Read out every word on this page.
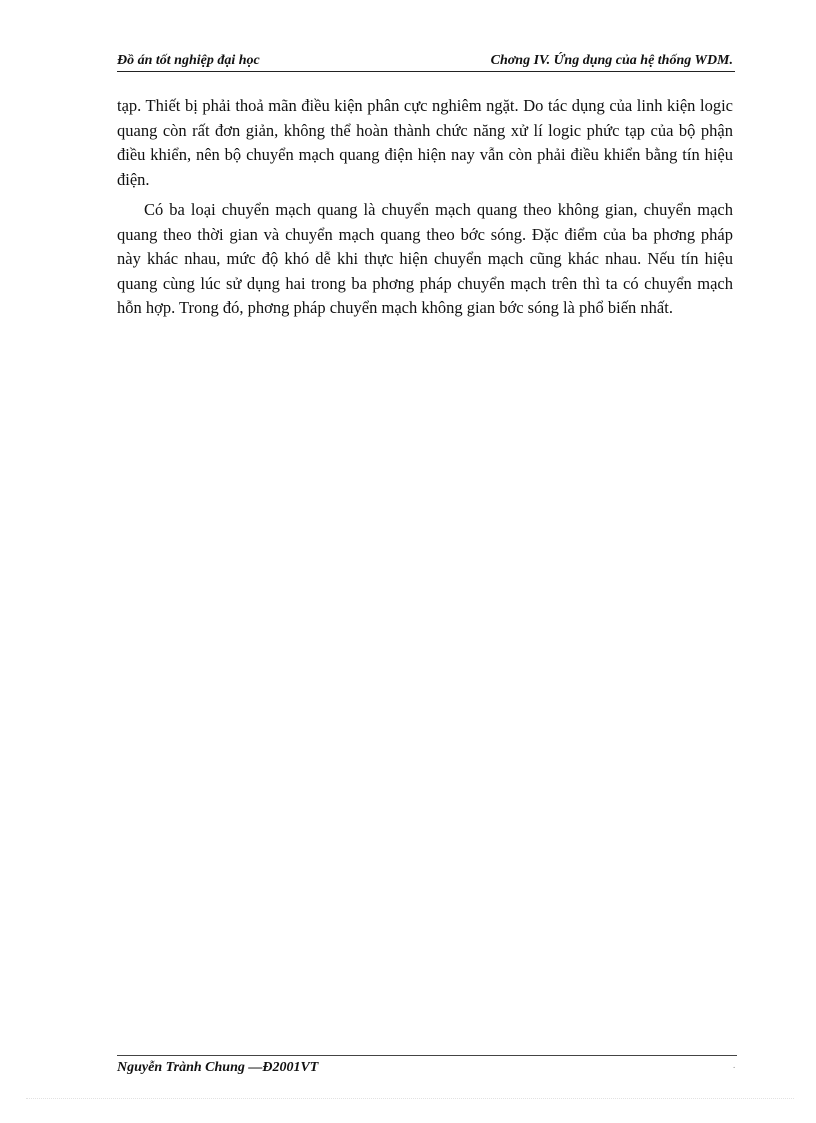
Đồ án tốt nghiệp đại học	Chơng IV. Ứng dụng của hệ thống WDM.

tạp. Thiết bị phải thoả mãn điều kiện phân cực nghiêm ngặt. Do tác dụng của linh kiện logic quang còn rất đơn giản, không thể hoàn thành chức năng xử lí logic phức tạp của bộ phận điều khiển, nên bộ chuyển mạch quang điện hiện nay vẫn còn phải điều khiển bằng tín hiệu điện.

Có ba loại chuyển mạch quang là chuyển mạch quang theo không gian, chuyển mạch quang theo thời gian và chuyển mạch quang theo bớc sóng. Đặc điểm của ba phơng pháp này khác nhau, mức độ khó dễ khi thực hiện chuyển mạch cũng khác nhau. Nếu tín hiệu quang cùng lúc sử dụng hai trong ba phơng pháp chuyển mạch trên thì ta có chuyển mạch hỗn hợp. Trong đó, phơng pháp chuyển mạch không gian bớc sóng là phổ biến nhất.

Nguyễn Trành Chung —Đ2001VT	.
